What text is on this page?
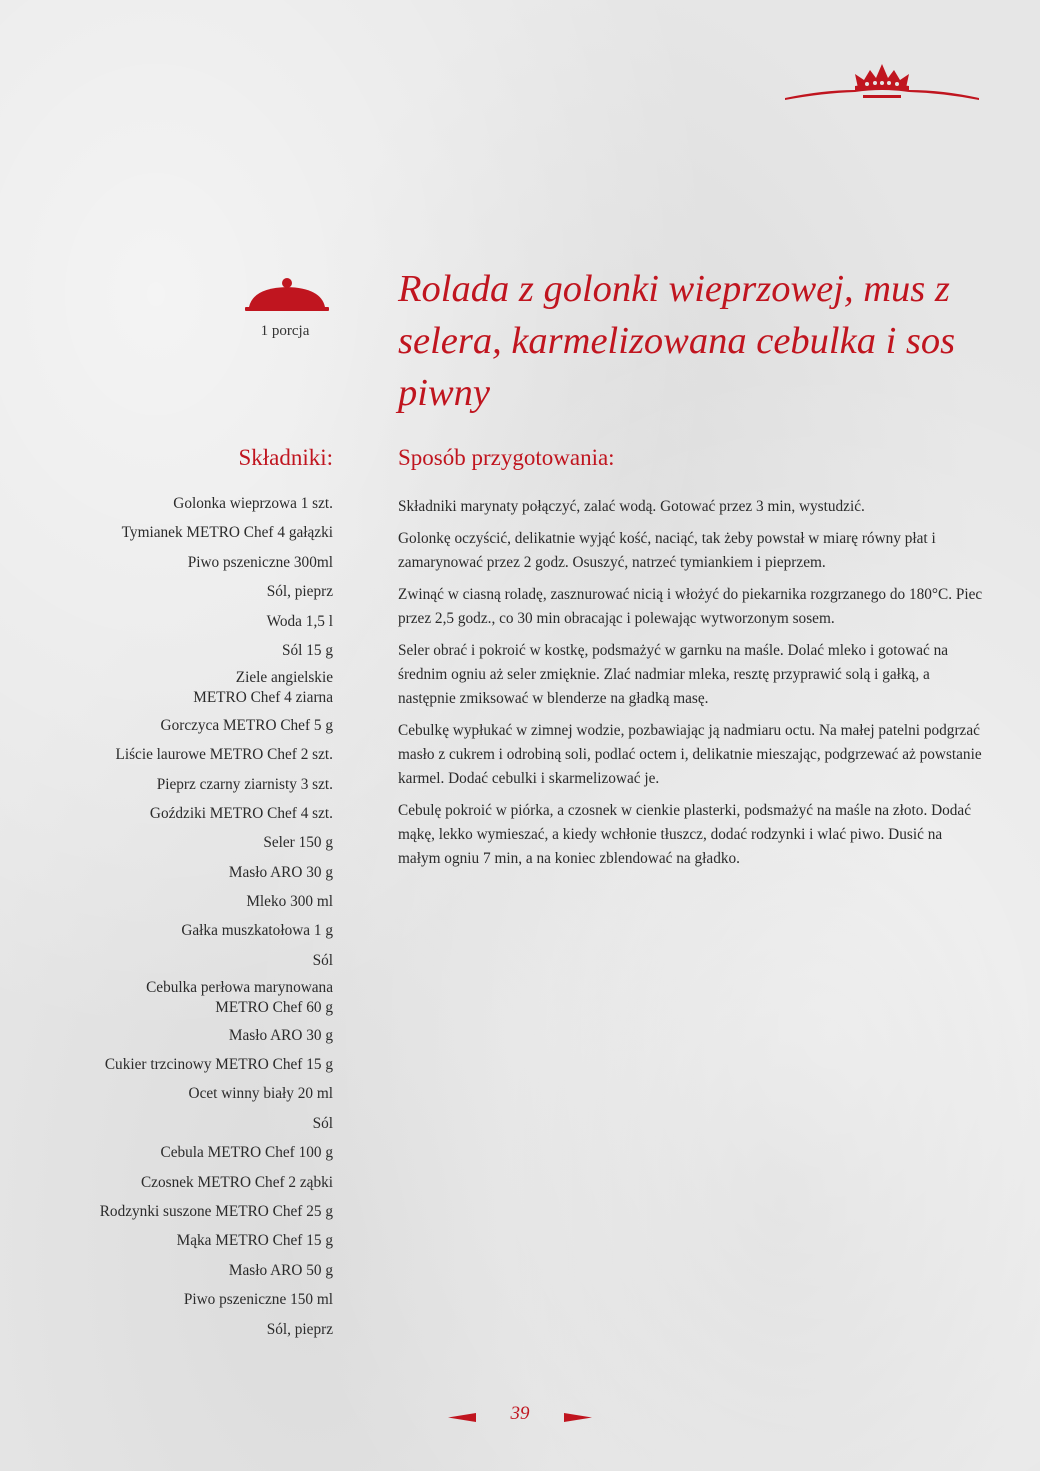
1 porcja
Rolada z golonki wieprzowej, mus z selera, karmelizowana cebulka i sos piwny
Składniki:
Golonka wieprzowa 1 szt.
Tymianek METRO Chef 4 gałązki
Piwo pszeniczne 300ml
Sól, pieprz
Woda 1,5 l
Sól 15 g
Ziele angielskie
METRO Chef 4 ziarna
Gorczyca METRO Chef 5 g
Liście laurowe METRO Chef 2 szt.
Pieprz czarny ziarnisty 3 szt.
Goździki METRO Chef 4 szt.
Seler 150 g
Masło ARO 30 g
Mleko 300 ml
Gałka muszkatołowa 1 g
Sól
Cebulka perłowa marynowana
METRO Chef 60 g
Masło ARO 30 g
Cukier trzcinowy METRO Chef 15 g
Ocet winny biały 20 ml
Sól
Cebula METRO Chef 100 g
Czosnek METRO Chef 2 ząbki
Rodzynki suszone METRO Chef 25 g
Mąka METRO Chef 15 g
Masło ARO 50 g
Piwo pszeniczne 150 ml
Sól, pieprz
Sposób przygotowania:

Składniki marynaty połączyć, zalać wodą. Gotować przez 3 min, wystudzić.

Golonkę oczyścić, delikatnie wyjąć kość, naciąć, tak żeby powstał w miarę równy płat i zamarynować przez 2 godz. Osuszyć, natrzeć tymiankiem i pieprzem.

Zwinąć w ciasną roladę, zasznurować nicią i włożyć do piekarnika rozgrzanego do 180°C. Piec przez 2,5 godz., co 30 min obracając i polewając wytworzonym sosem.

Seler obrać i pokroić w kostkę, podsmażyć w garnku na maśle. Dolać mleko i gotować na średnim ogniu aż seler zmięknie. Zlać nadmiar mleka, resztę przyprawić solą i gałką, a następnie zmiksować w blenderze na gładką masę.

Cebulkę wypłukać w zimnej wodzie, pozbawiając ją nadmiaru octu. Na małej patelni podgrzać masło z cukrem i odrobiną soli, podlać octem i, delikatnie mieszając, podgrzewać aż powstanie karmel. Dodać cebulki i skarmelizować je.

Cebulę pokroić w piórka, a czosnek w cienkie plasterki, podsmażyć na maśle na złoto. Dodać mąkę, lekko wymieszać, a kiedy wchłonie tłuszcz, dodać rodzynki i wlać piwo. Dusić na małym ogniu 7 min, a na koniec zblendować na gładko.

39
